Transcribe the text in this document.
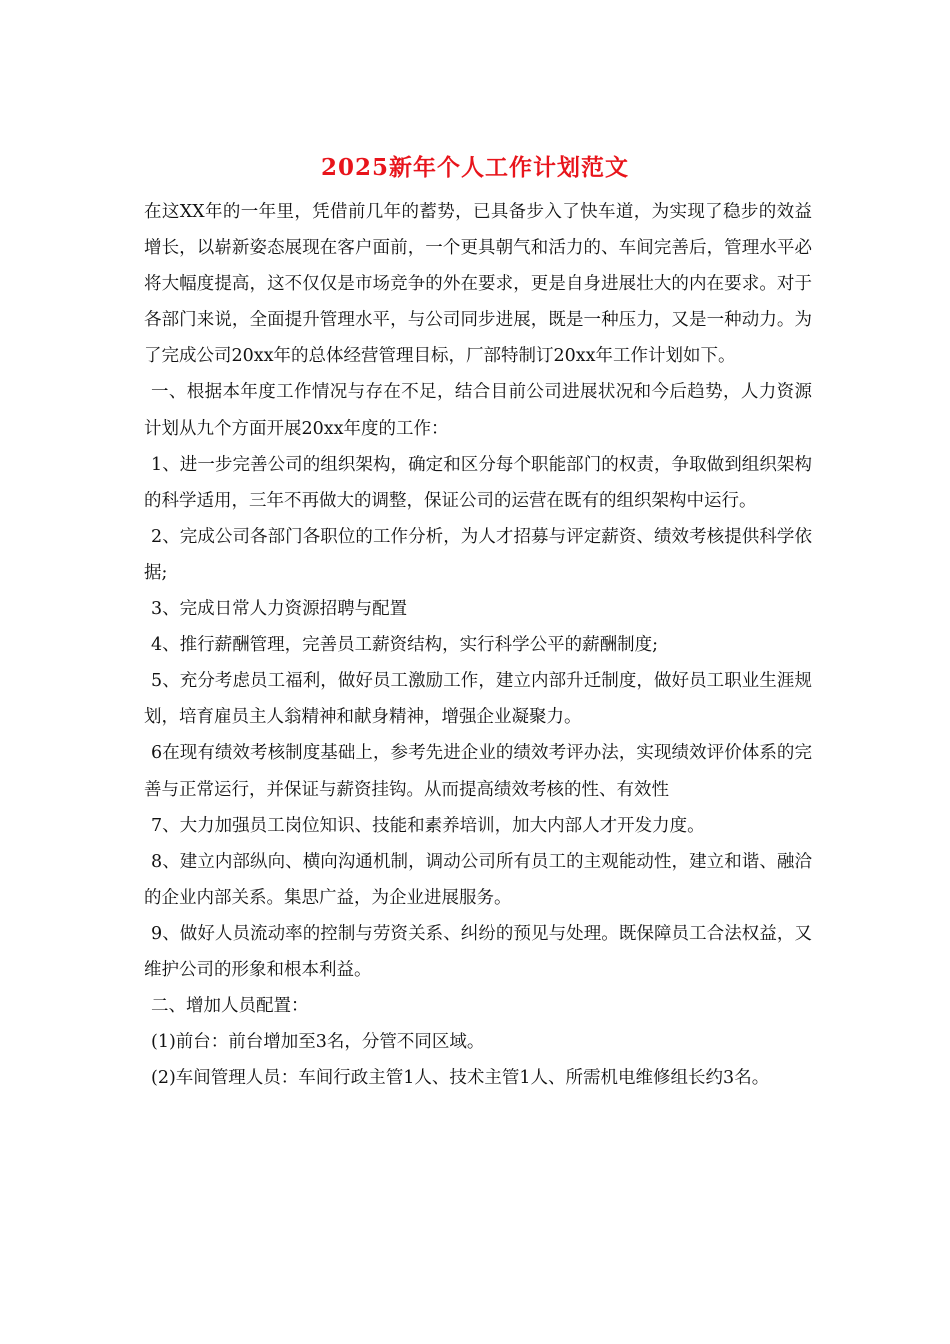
2025新年个人工作计划范文

在这XX年的一年里，凭借前几年的蓄势，已具备步入了快车道，为实现了稳步的效益增长，以崭新姿态展现在客户面前，一个更具朝气和活力的、车间完善后，管理水平必将大幅度提高，这不仅仅是市场竞争的外在要求，更是自身进展壮大的内在要求。对于各部门来说，全面提升管理水平，与公司同步进展，既是一种压力，又是一种动力。为了完成公司20xx年的总体经营管理目标，厂部特制订20xx年工作计划如下。

一、根据本年度工作情况与存在不足，结合目前公司进展状况和今后趋势，人力资源计划从九个方面开展20xx年度的工作：

1、进一步完善公司的组织架构，确定和区分每个职能部门的权责，争取做到组织架构的科学适用，三年不再做大的调整，保证公司的运营在既有的组织架构中运行。

2、完成公司各部门各职位的工作分析，为人才招募与评定薪资、绩效考核提供科学依据;

3、完成日常人力资源招聘与配置

4、推行薪酬管理，完善员工薪资结构，实行科学公平的薪酬制度;

5、充分考虑员工福利，做好员工激励工作，建立内部升迁制度，做好员工职业生涯规划，培育雇员主人翁精神和献身精神，增强企业凝聚力。

6在现有绩效考核制度基础上，参考先进企业的绩效考评办法，实现绩效评价体系的完善与正常运行，并保证与薪资挂钩。从而提高绩效考核的性、有效性

7、大力加强员工岗位知识、技能和素养培训，加大内部人才开发力度。

8、建立内部纵向、横向沟通机制，调动公司所有员工的主观能动性，建立和谐、融洽的企业内部关系。集思广益，为企业进展服务。

9、做好人员流动率的控制与劳资关系、纠纷的预见与处理。既保障员工合法权益，又维护公司的形象和根本利益。

二、增加人员配置：

(1)前台：前台增加至3名，分管不同区域。

(2)车间管理人员：车间行政主管1人、技术主管1人、所需机电维修组长约3名。
